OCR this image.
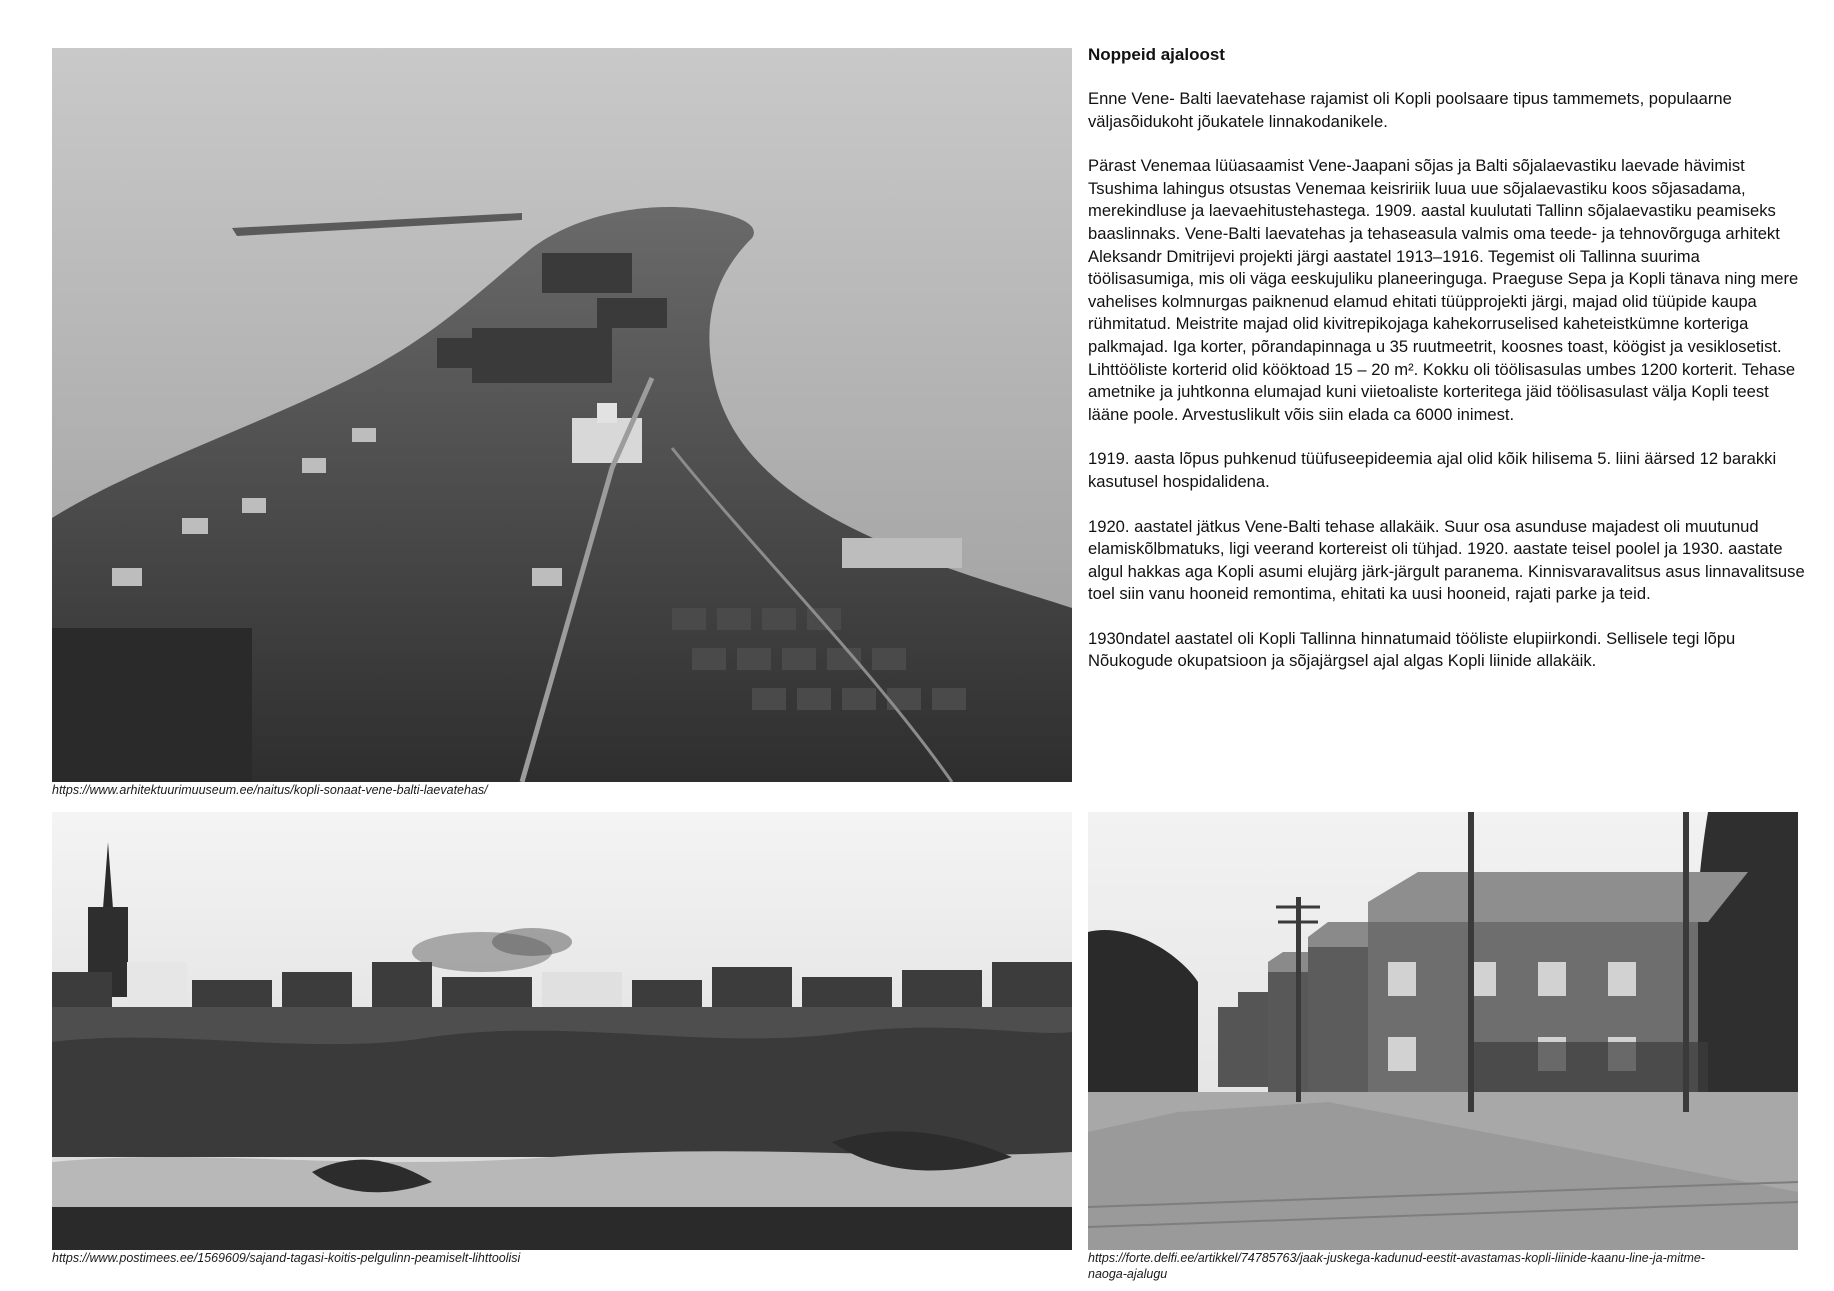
https://www.arhitektuurimuuseum.ee/naitus/kopli-sonaat-vene-balti-laevatehas/
Noppeid ajaloost

Enne Vene- Balti laevatehase rajamist oli Kopli poolsaare tipus tammemets, populaarne väljasõidukoht jõukatele linnakodanikele.

Pärast Venemaa lüüasaamist Vene-Jaapani sõjas ja Balti sõjalaevastiku laevade hävimist Tsushima lahingus otsustas Venemaa keisririik luua uue sõjalaevastiku koos sõjasadama, merekindluse ja laevaehitustehastega. 1909. aastal kuulutati Tallinn sõjalaevastiku peamiseks baaslinnaks. Vene-Balti laevatehas ja tehaseasula valmis oma teede- ja tehnovõrguga arhitekt Aleksandr Dmitrijevi projekti järgi aastatel 1913–1916. Tegemist oli Tallinna suurima töölisasumiga, mis oli väga eeskujuliku planeeringuga. Praeguse Sepa ja Kopli tänava ning mere vahelises kolmnurgas paiknenud elamud ehitati tüüpprojekti järgi, majad olid tüüpide kaupa rühmitatud. Meistrite majad olid kivitrepikojaga kahekorruselised kaheteistkümne korteriga palkmajad. Iga korter, põrandapinnaga u 35 ruutmeetrit, koosnes toast, köögist ja vesiklosetist. Lihttööliste korterid olid kööktoad 15 – 20 m². Kokku oli töölisasulas umbes 1200 korterit. Tehase ametnike ja juhtkonna elumajad kuni viietoaliste korteritega jäid töölisasulast välja Kopli teest lääne poole. Arvestuslikult võis siin elada ca 6000 inimest.

1919. aasta lõpus puhkenud tüüfuseepideemia ajal olid kõik hilisema 5. liini äärsed 12 barakki kasutusel hospidalidena.

1920. aastatel jätkus Vene-Balti tehase allakäik. Suur osa asunduse majadest oli muutunud elamiskõlbmatuks, ligi veerand kortereist oli tühjad. 1920. aastate teisel poolel ja 1930. aastate algul hakkas aga Kopli asumi elujärg järk-järgult paranema. Kinnisvaravalitsus asus linnavalitsuse toel siin vanu hooneid remontima, ehitati ka uusi hooneid, rajati parke ja teid.

1930ndatel aastatel oli Kopli Tallinna hinnatumaid tööliste elupiirkondi. Sellisele tegi lõpu Nõukogude okupatsioon ja sõjajärgsel ajal algas Kopli liinide allakäik.

https://www.postimees.ee/1569609/sajand-tagasi-koitis-pelgulinn-peamiselt-lihttoolisi	https://forte.delfi.ee/artikkel/74785763/jaak-juskega-kadunud-eestit-avastamas-kopli-liinide-kaanu-line-ja-mitme-naoga-ajalugu
